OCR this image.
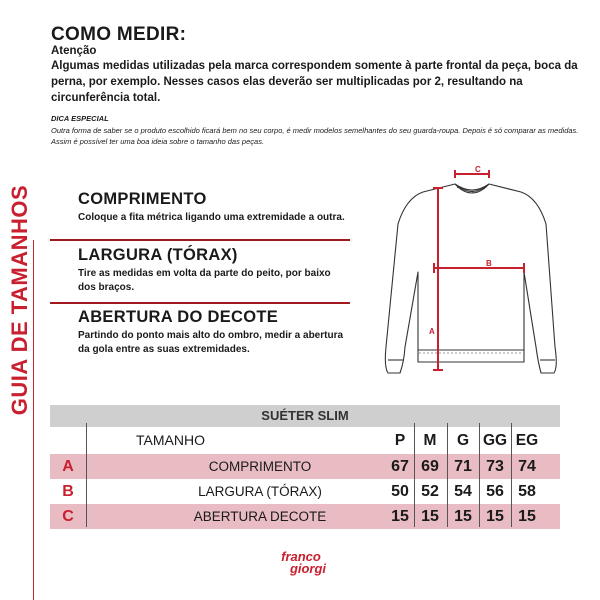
GUIA DE TAMANHOS
COMO MEDIR:
Atenção
Algumas medidas utilizadas pela marca correspondem somente à parte frontal da peça, boca da perna, por exemplo. Nesses casos elas deverão ser multiplicadas por 2, resultando na circunferência total.
DICA ESPECIAL
Outra forma de saber se o produto escolhido ficará bem no seu corpo, é medir modelos semelhantes do seu guarda-roupa. Depois é só comparar as medidas. Assim é possível ter uma boa ideia sobre o tamanho das peças.
COMPRIMENTO
Coloque a fita métrica ligando uma extremidade a outra.
LARGURA (TÓRAX)
Tire as medidas em volta da parte do peito, por baixo dos braços.
ABERTURA DO DECOTE
Partindo do ponto mais alto do ombro, medir a abertura da gola entre as suas extremidades.
C
B
A
SUÉTER SLIM
TAMANHO	P	M	G GG EG
A	COMPRIMENTO	67 69 71 73 74
B	LARGURA (TÓRAX)	50 52 54 56 58
C	ABERTURA DECOTE	15 15 15 15 15
franco
giorgi
